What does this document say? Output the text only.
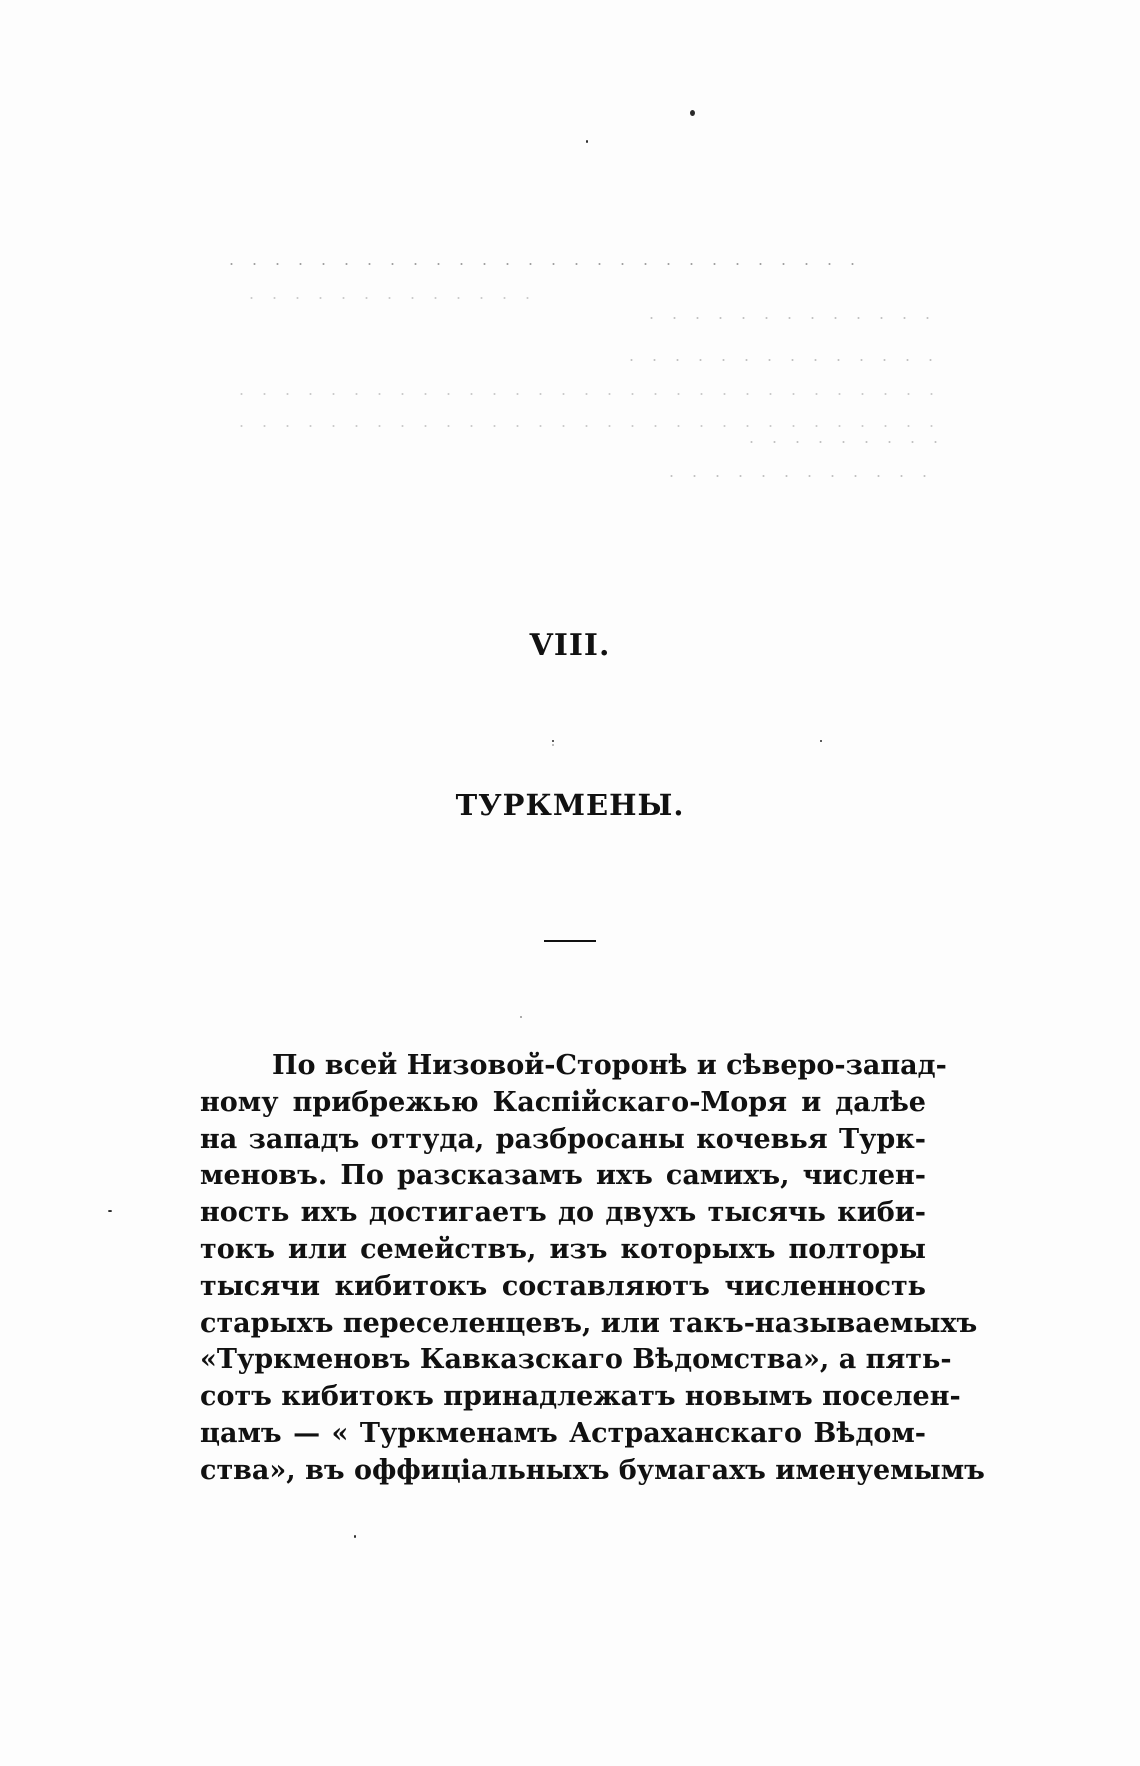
VIII.
ТУРКМЕНЫ.
По всей Низовой-Сторонѣ и сѣверо-запад-
ному прибрежью Каспійскаго-Моря и далѣе
на западъ оттуда, разбросаны кочевья Турк-
меновъ. По разсказамъ ихъ самихъ, числен-
ность ихъ достигаетъ до двухъ тысячь киби-
токъ или семействъ, изъ которыхъ полторы
тысячи кибитокъ составляютъ численность
старыхъ переселенцевъ, или такъ-называемыхъ
«Туркменовъ Кавказскаго Вѣдомства», а пять-
сотъ кибитокъ принадлежатъ новымъ поселен-
цамъ — « Туркменамъ Астраханскаго Вѣдом-
ства», въ оффиціальныхъ бумагахъ именуемымъ
